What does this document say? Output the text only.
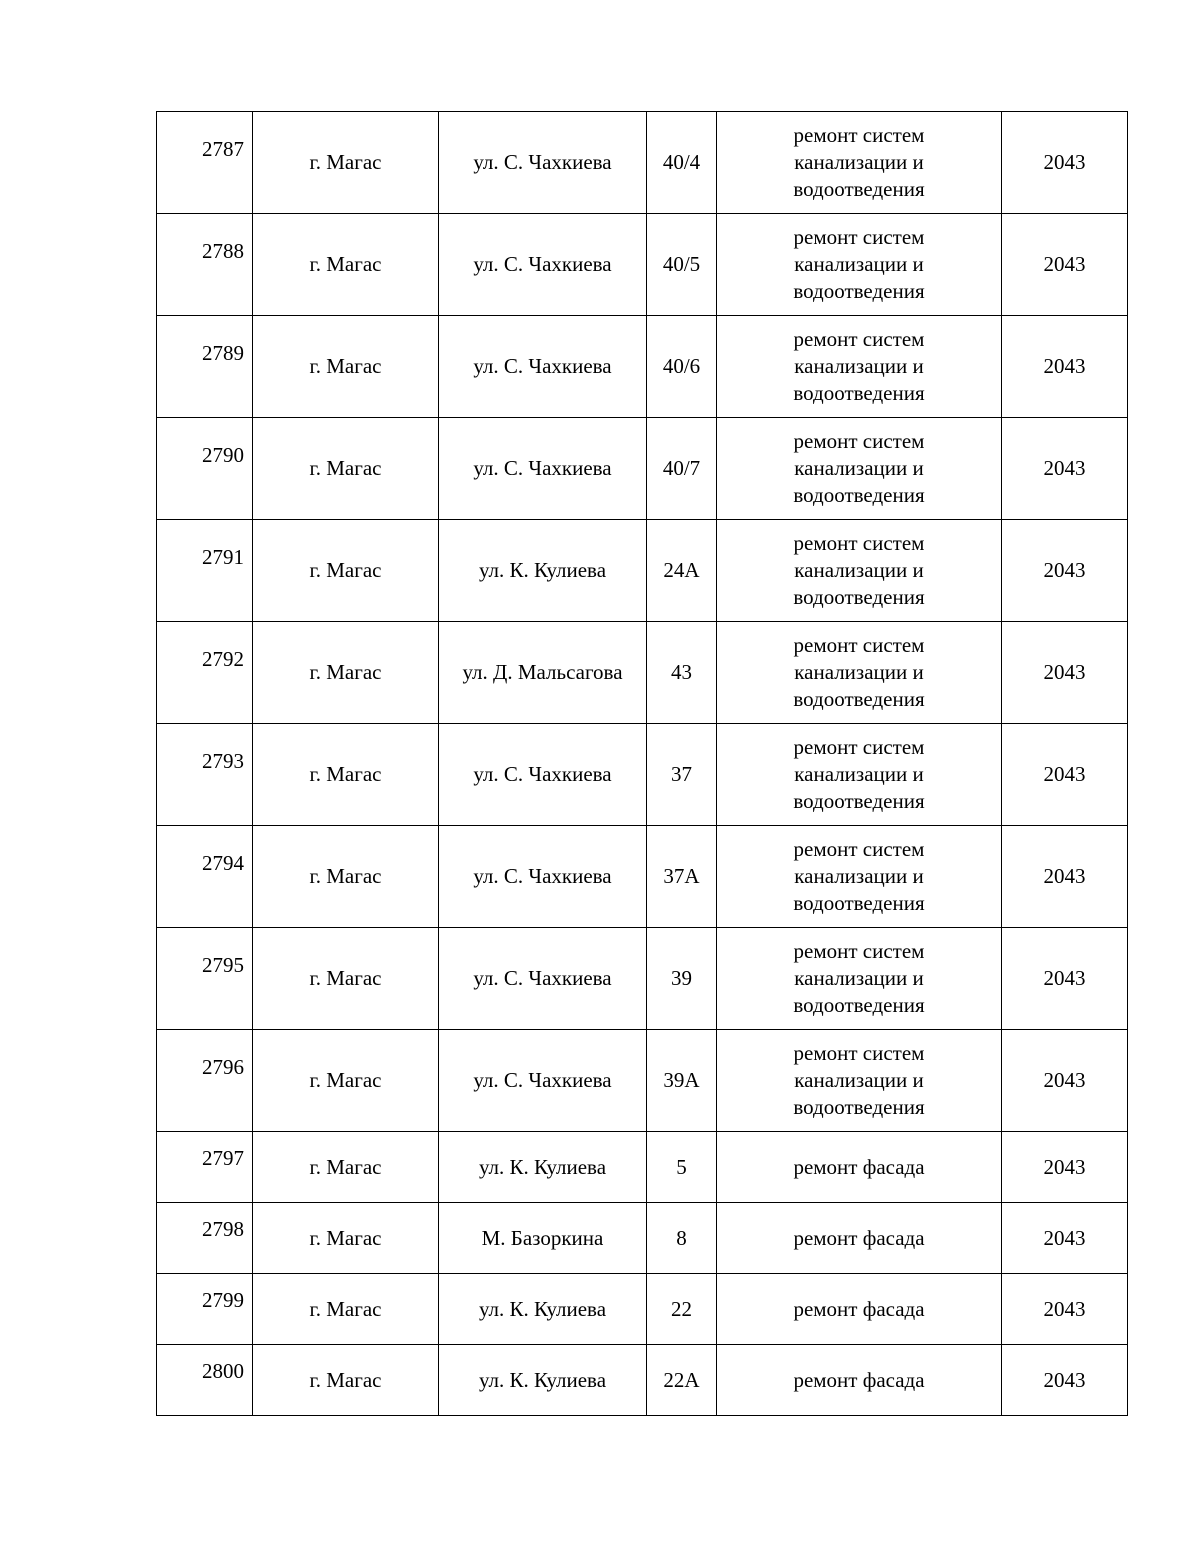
2787	г. Магас	ул. С. Чахкиева	40/4	ремонт систем
канализации и
водоотведения	2043
2788	г. Магас	ул. С. Чахкиева	40/5	ремонт систем
канализации и
водоотведения	2043
2789	г. Магас	ул. С. Чахкиева	40/6	ремонт систем
канализации и
водоотведения	2043
2790	г. Магас	ул. С. Чахкиева	40/7	ремонт систем
канализации и
водоотведения	2043
2791	г. Магас	ул. К. Кулиева	24А	ремонт систем
канализации и
водоотведения	2043
2792	г. Магас	ул. Д. Мальсагова	43	ремонт систем
канализации и
водоотведения	2043
2793	г. Магас	ул. С. Чахкиева	37	ремонт систем
канализации и
водоотведения	2043
2794	г. Магас	ул. С. Чахкиева	37А	ремонт систем
канализации и
водоотведения	2043
2795	г. Магас	ул. С. Чахкиева	39	ремонт систем
канализации и
водоотведения	2043
2796	г. Магас	ул. С. Чахкиева	39А	ремонт систем
канализации и
водоотведения	2043
2797	г. Магас	ул. К. Кулиева	5	ремонт фасада	2043
2798	г. Магас	М. Базоркина	8	ремонт фасада	2043
2799	г. Магас	ул. К. Кулиева	22	ремонт фасада	2043
2800	г. Магас	ул. К. Кулиева	22А	ремонт фасада	2043
